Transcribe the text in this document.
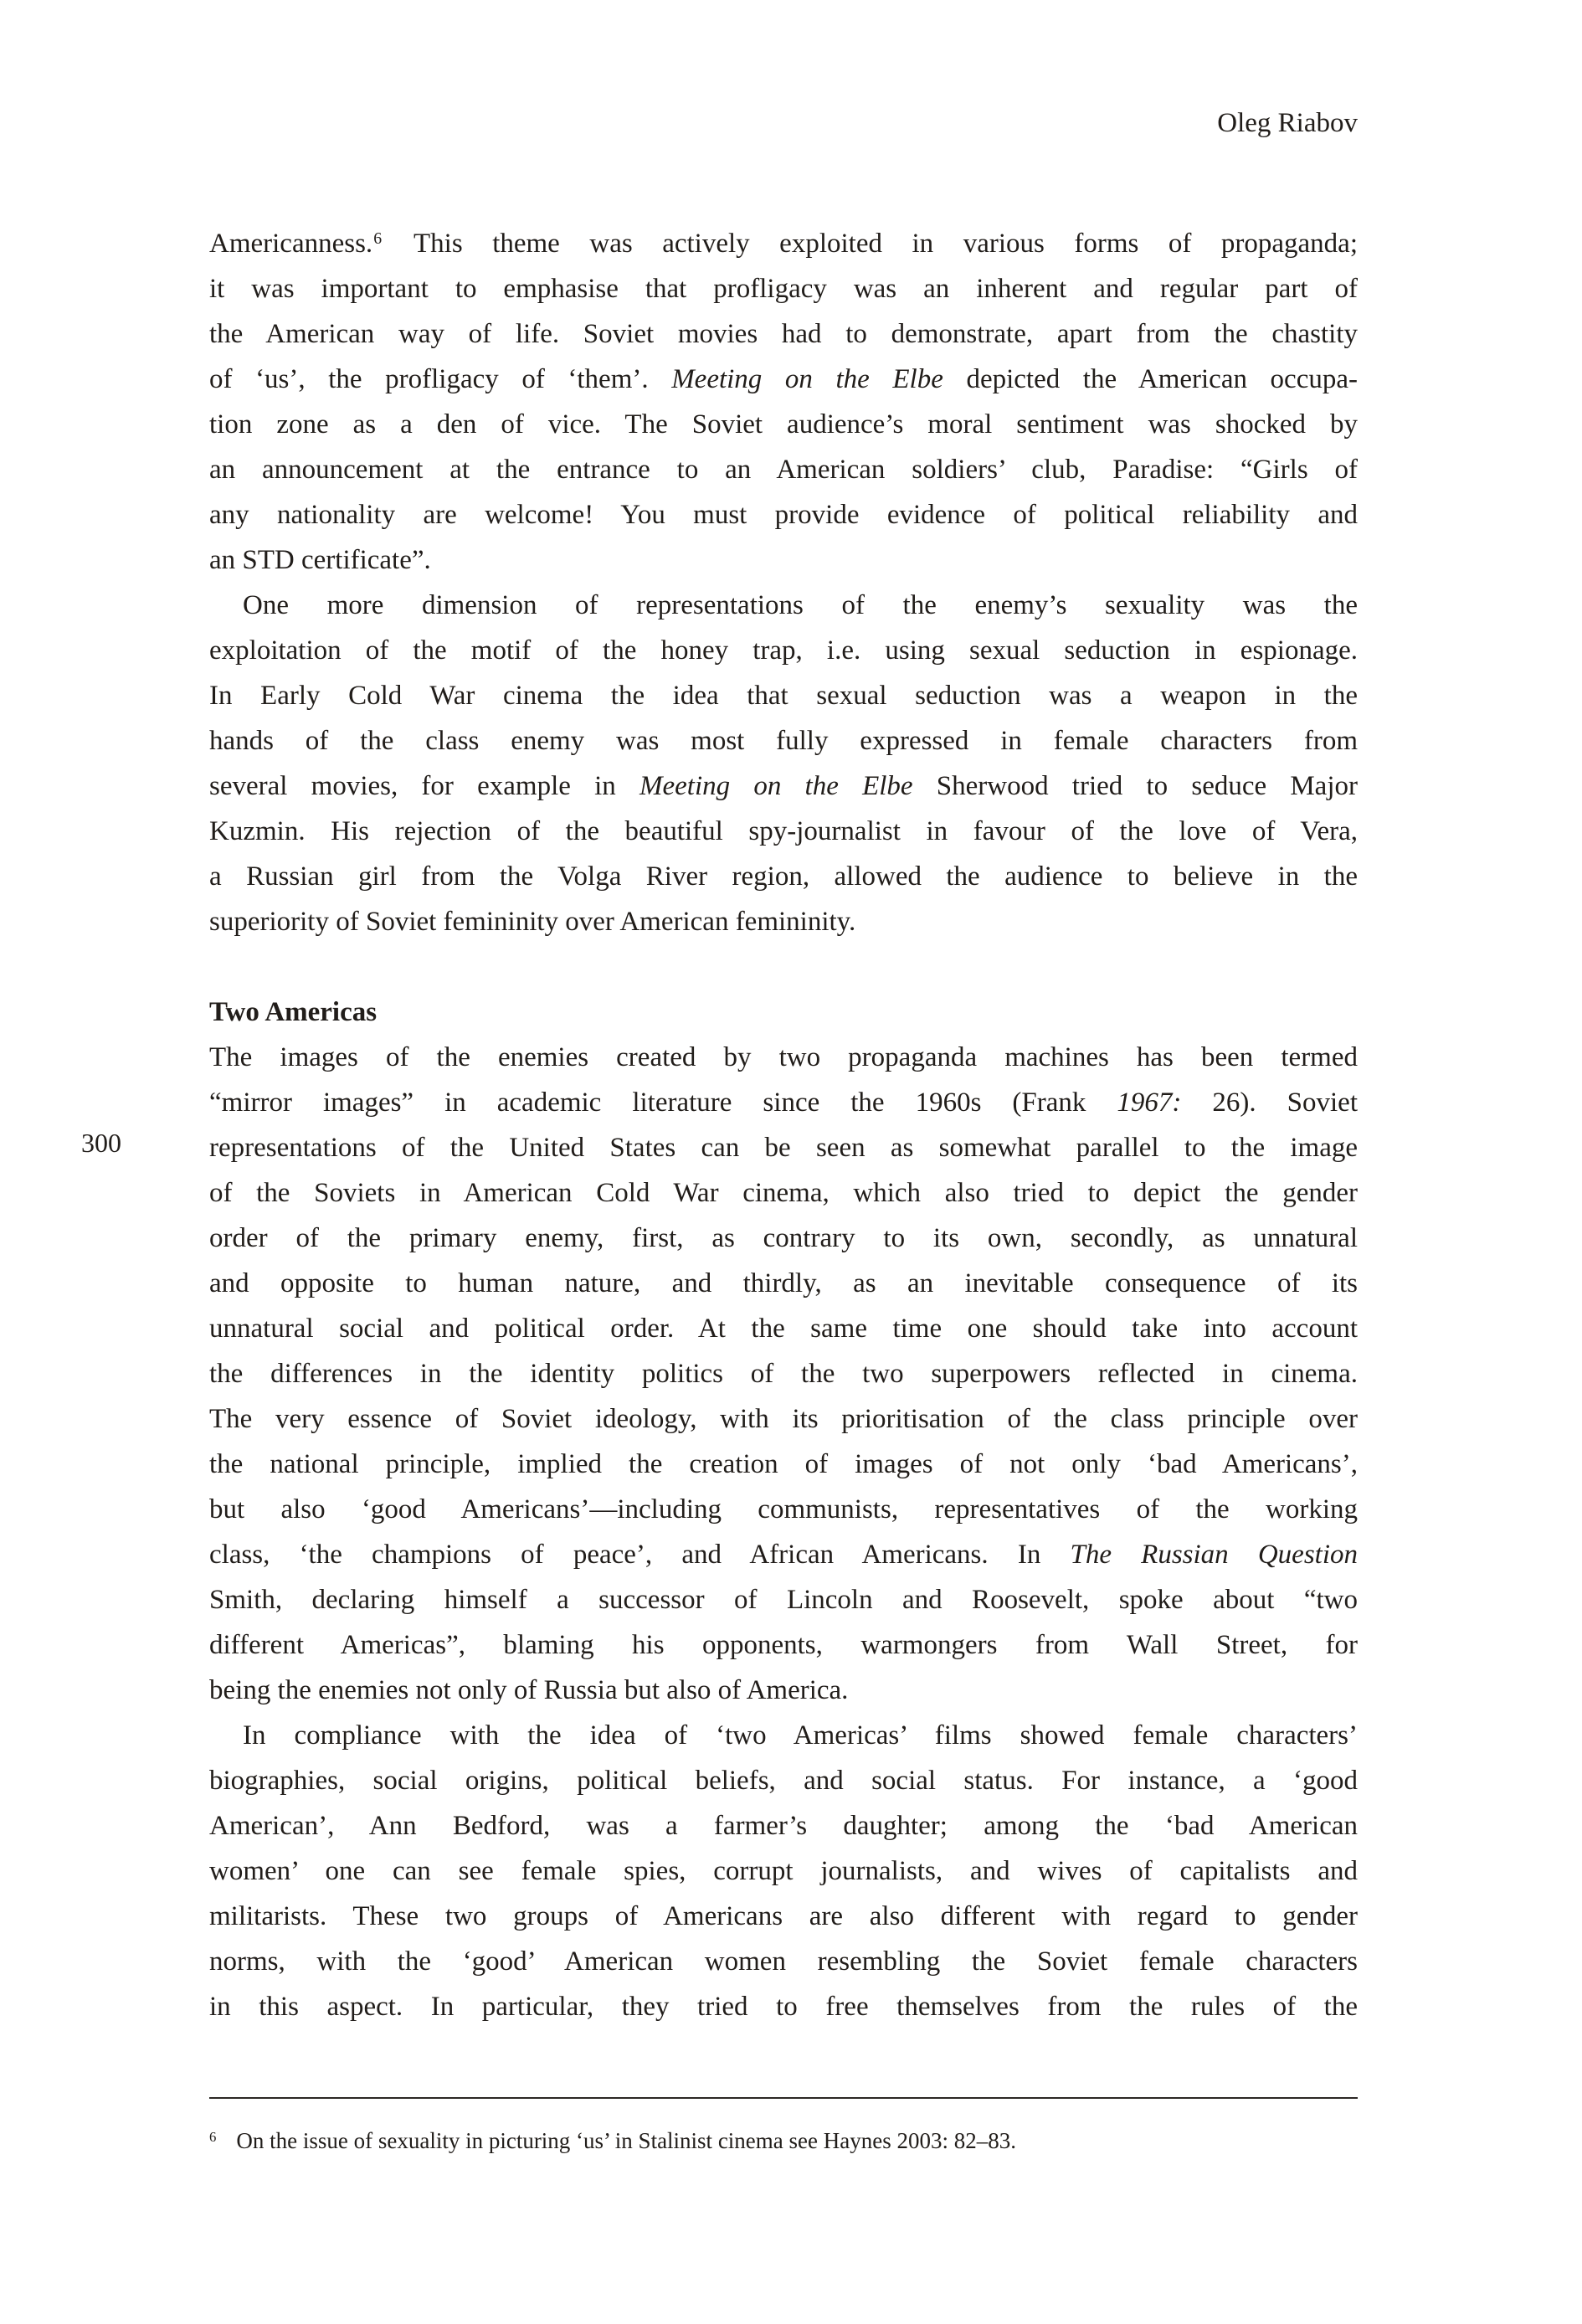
Oleg Riabov
300
Americanness.$^6$ This theme was actively exploited in various forms of propaganda;
it was important to emphasise that profligacy was an inherent and regular part of
the American way of life. Soviet movies had to demonstrate, apart from the chastity
of ‘us’, the profligacy of ‘them’. Meeting on the Elbe depicted the American occupa-
tion zone as a den of vice. The Soviet audience’s moral sentiment was shocked by
an announcement at the entrance to an American soldiers’ club, Paradise: “Girls of
any nationality are welcome! You must provide evidence of political reliability and
an STD certificate”.
One more dimension of representations of the enemy’s sexuality was the
exploitation of the motif of the honey trap, i.e. using sexual seduction in espionage.
In Early Cold War cinema the idea that sexual seduction was a weapon in the
hands of the class enemy was most fully expressed in female characters from
several movies, for example in Meeting on the Elbe Sherwood tried to seduce Major
Kuzmin. His rejection of the beautiful spy-journalist in favour of the love of Vera,
a Russian girl from the Volga River region, allowed the audience to believe in the
superiority of Soviet femininity over American femininity.
Two Americas
The images of the enemies created by two propaganda machines has been termed
“mirror images” in academic literature since the 1960s (Frank 1967: 26). Soviet
representations of the United States can be seen as somewhat parallel to the image
of the Soviets in American Cold War cinema, which also tried to depict the gender
order of the primary enemy, first, as contrary to its own, secondly, as unnatural
and opposite to human nature, and thirdly, as an inevitable consequence of its
unnatural social and political order. At the same time one should take into account
the differences in the identity politics of the two superpowers reflected in cinema.
The very essence of Soviet ideology, with its prioritisation of the class principle over
the national principle, implied the creation of images of not only ‘bad Americans’,
but also ‘good Americans’—including communists, representatives of the working
class, ‘the champions of peace’, and African Americans. In The Russian Question
Smith, declaring himself a successor of Lincoln and Roosevelt, spoke about “two
different Americas”, blaming his opponents, warmongers from Wall Street, for
being the enemies not only of Russia but also of America.
In compliance with the idea of ‘two Americas’ films showed female characters’
biographies, social origins, political beliefs, and social status. For instance, a ‘good
American’, Ann Bedford, was a farmer’s daughter; among the ‘bad American
women’ one can see female spies, corrupt journalists, and wives of capitalists and
militarists. These two groups of Americans are also different with regard to gender
norms, with the ‘good’ American women resembling the Soviet female characters
in this aspect. In particular, they tried to free themselves from the rules of the
$^6$ On the issue of sexuality in picturing ‘us’ in Stalinist cinema see Haynes 2003: 82–83.
